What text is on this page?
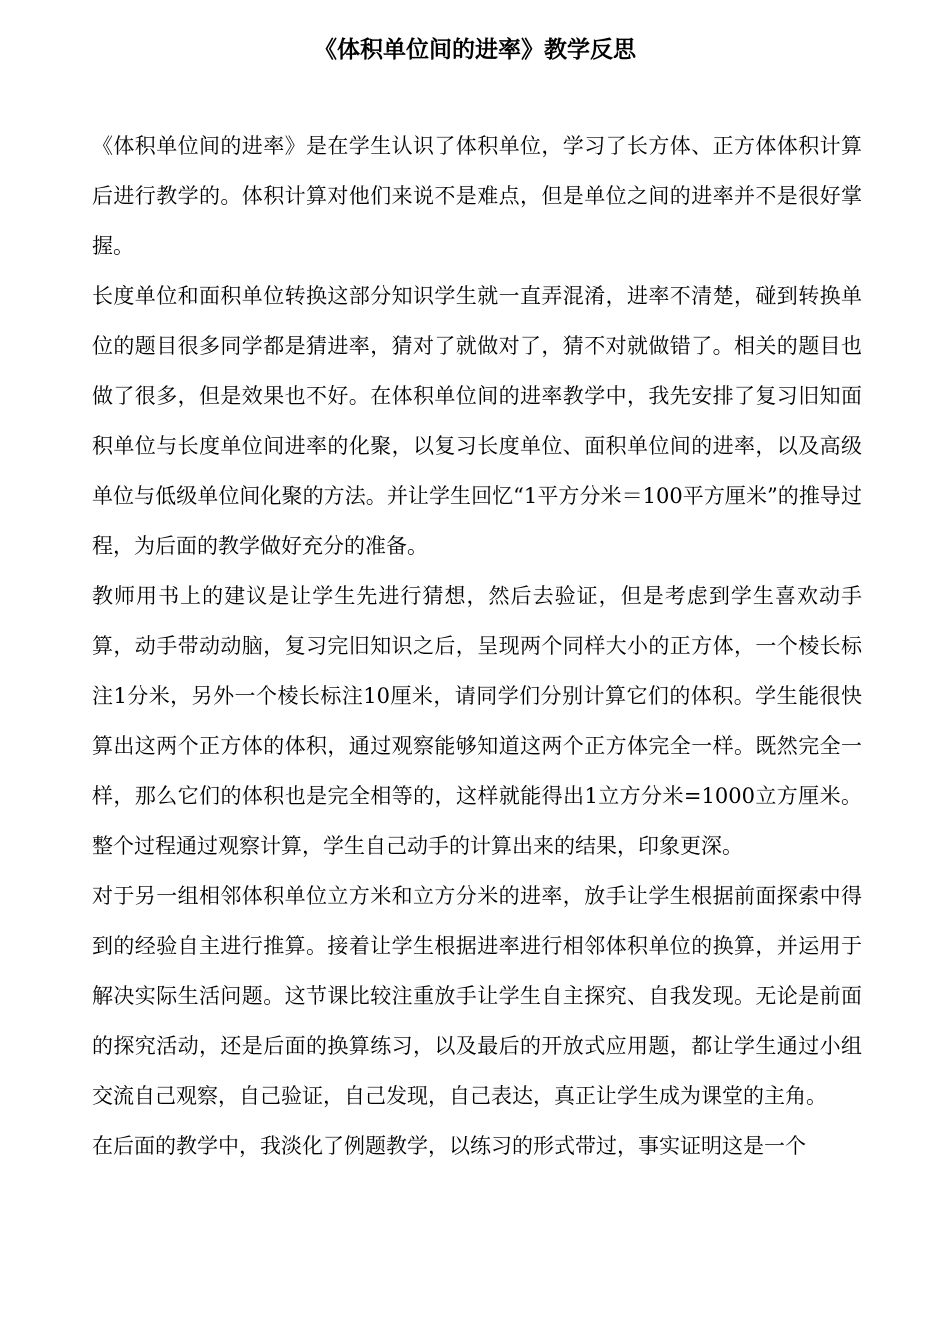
《体积单位间的进率》教学反思

《体积单位间的进率》是在学生认识了体积单位，学习了长方体、正方体体积计算后进行教学的。体积计算对他们来说不是难点，但是单位之间的进率并不是很好掌握。

长度单位和面积单位转换这部分知识学生就一直弄混淆，进率不清楚，碰到转换单位的题目很多同学都是猜进率，猜对了就做对了，猜不对就做错了。相关的题目也做了很多，但是效果也不好。在体积单位间的进率教学中，我先安排了复习旧知面积单位与长度单位间进率的化聚，以复习长度单位、面积单位间的进率，以及高级单位与低级单位间化聚的方法。并让学生回忆“1平方分米＝100平方厘米”的推导过程，为后面的教学做好充分的准备。

教师用书上的建议是让学生先进行猜想，然后去验证，但是考虑到学生喜欢动手算，动手带动动脑，复习完旧知识之后，呈现两个同样大小的正方体，一个棱长标注1分米，另外一个棱长标注10厘米，请同学们分别计算它们的体积。学生能很快算出这两个正方体的体积，通过观察能够知道这两个正方体完全一样。既然完全一样，那么它们的体积也是完全相等的，这样就能得出1立方分米=1000立方厘米。整个过程通过观察计算，学生自己动手的计算出来的结果，印象更深。

对于另一组相邻体积单位立方米和立方分米的进率，放手让学生根据前面探索中得到的经验自主进行推算。接着让学生根据进率进行相邻体积单位的换算，并运用于解决实际生活问题。这节课比较注重放手让学生自主探究、自我发现。无论是前面的探究活动，还是后面的换算练习，以及最后的开放式应用题，都让学生通过小组交流自己观察，自己验证，自己发现，自己表达，真正让学生成为课堂的主角。

在后面的教学中，我淡化了例题教学，以练习的形式带过，事实证明这是一个
